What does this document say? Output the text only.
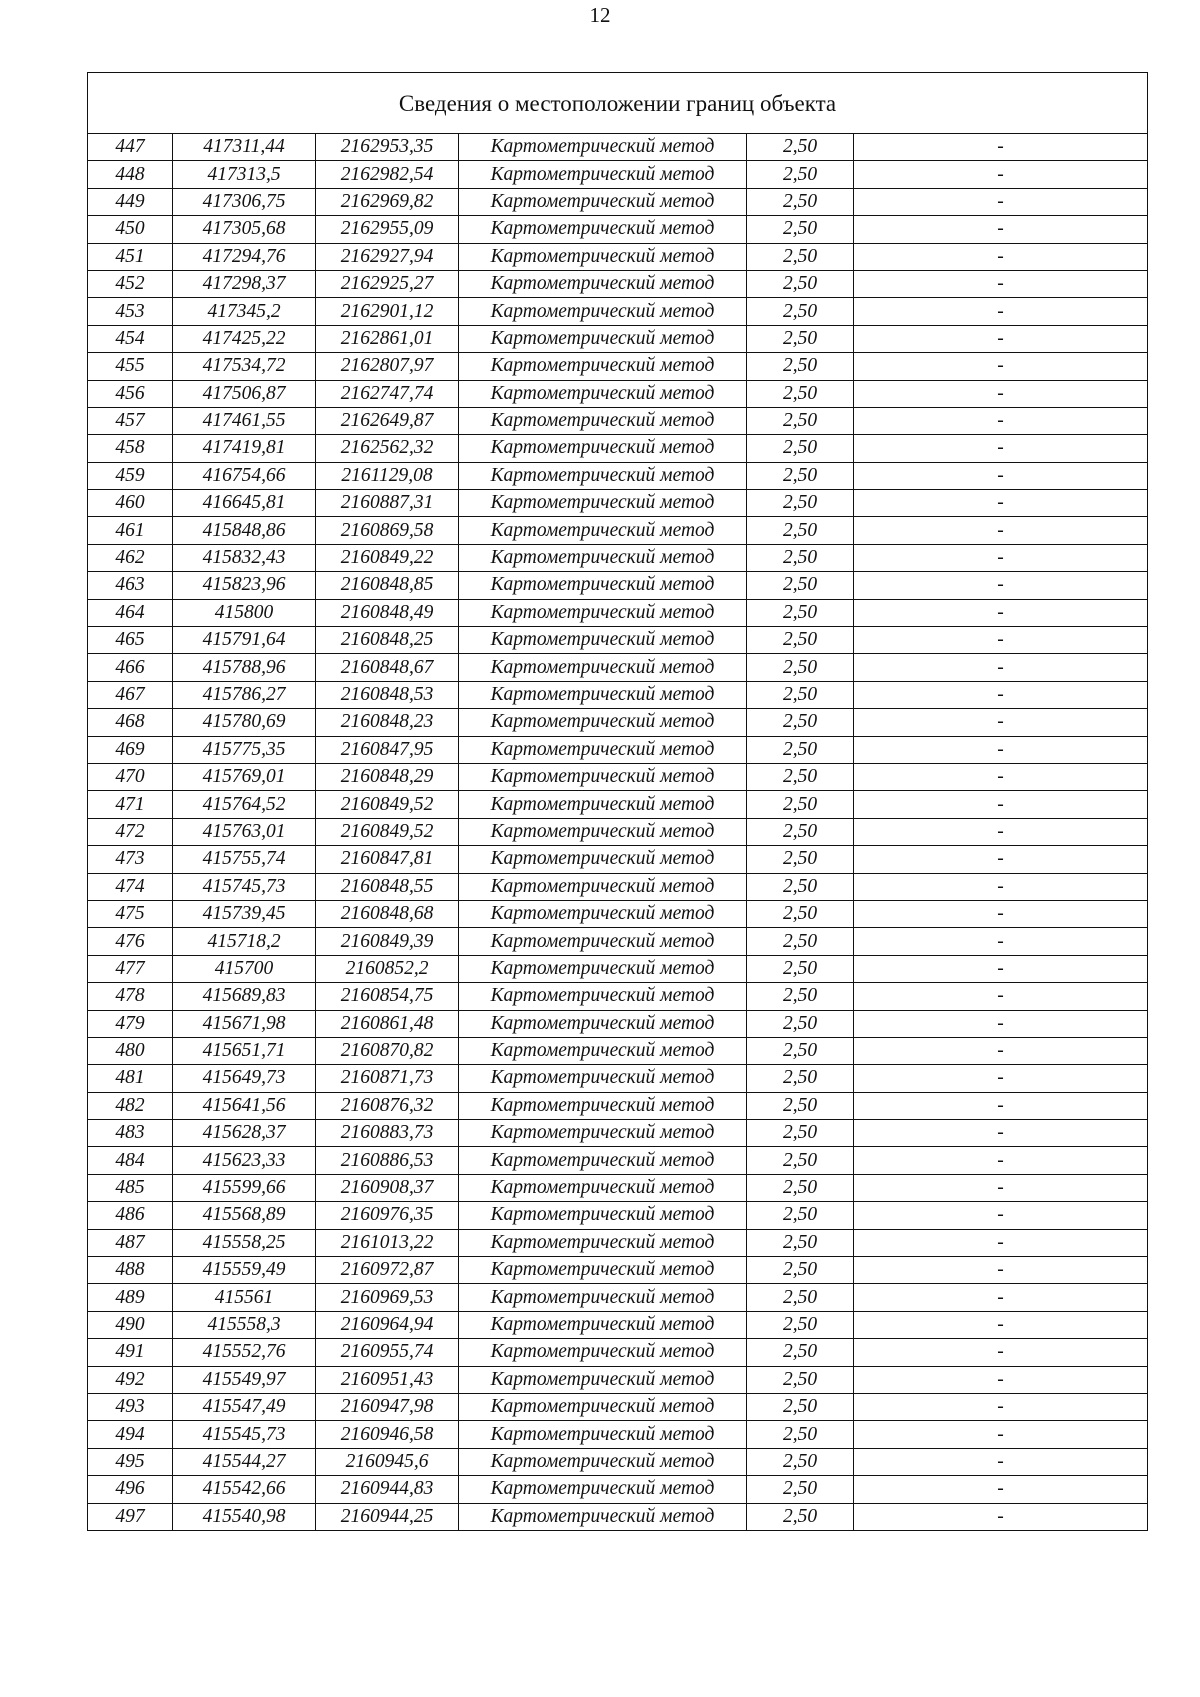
12
Сведения о местоположении границ объекта					
447	417311,44	2162953,35	Картометрический метод	2,50	-
448	417313,5	2162982,54	Картометрический метод	2,50	-
449	417306,75	2162969,82	Картометрический метод	2,50	-
450	417305,68	2162955,09	Картометрический метод	2,50	-
451	417294,76	2162927,94	Картометрический метод	2,50	-
452	417298,37	2162925,27	Картометрический метод	2,50	-
453	417345,2	2162901,12	Картометрический метод	2,50	-
454	417425,22	2162861,01	Картометрический метод	2,50	-
455	417534,72	2162807,97	Картометрический метод	2,50	-
456	417506,87	2162747,74	Картометрический метод	2,50	-
457	417461,55	2162649,87	Картометрический метод	2,50	-
458	417419,81	2162562,32	Картометрический метод	2,50	-
459	416754,66	2161129,08	Картометрический метод	2,50	-
460	416645,81	2160887,31	Картометрический метод	2,50	-
461	415848,86	2160869,58	Картометрический метод	2,50	-
462	415832,43	2160849,22	Картометрический метод	2,50	-
463	415823,96	2160848,85	Картометрический метод	2,50	-
464	415800	2160848,49	Картометрический метод	2,50	-
465	415791,64	2160848,25	Картометрический метод	2,50	-
466	415788,96	2160848,67	Картометрический метод	2,50	-
467	415786,27	2160848,53	Картометрический метод	2,50	-
468	415780,69	2160848,23	Картометрический метод	2,50	-
469	415775,35	2160847,95	Картометрический метод	2,50	-
470	415769,01	2160848,29	Картометрический метод	2,50	-
471	415764,52	2160849,52	Картометрический метод	2,50	-
472	415763,01	2160849,52	Картометрический метод	2,50	-
473	415755,74	2160847,81	Картометрический метод	2,50	-
474	415745,73	2160848,55	Картометрический метод	2,50	-
475	415739,45	2160848,68	Картометрический метод	2,50	-
476	415718,2	2160849,39	Картометрический метод	2,50	-
477	415700	2160852,2	Картометрический метод	2,50	-
478	415689,83	2160854,75	Картометрический метод	2,50	-
479	415671,98	2160861,48	Картометрический метод	2,50	-
480	415651,71	2160870,82	Картометрический метод	2,50	-
481	415649,73	2160871,73	Картометрический метод	2,50	-
482	415641,56	2160876,32	Картометрический метод	2,50	-
483	415628,37	2160883,73	Картометрический метод	2,50	-
484	415623,33	2160886,53	Картометрический метод	2,50	-
485	415599,66	2160908,37	Картометрический метод	2,50	-
486	415568,89	2160976,35	Картометрический метод	2,50	-
487	415558,25	2161013,22	Картометрический метод	2,50	-
488	415559,49	2160972,87	Картометрический метод	2,50	-
489	415561	2160969,53	Картометрический метод	2,50	-
490	415558,3	2160964,94	Картометрический метод	2,50	-
491	415552,76	2160955,74	Картометрический метод	2,50	-
492	415549,97	2160951,43	Картометрический метод	2,50	-
493	415547,49	2160947,98	Картометрический метод	2,50	-
494	415545,73	2160946,58	Картометрический метод	2,50	-
495	415544,27	2160945,6	Картометрический метод	2,50	-
496	415542,66	2160944,83	Картометрический метод	2,50	-
497	415540,98	2160944,25	Картометрический метод	2,50	-
